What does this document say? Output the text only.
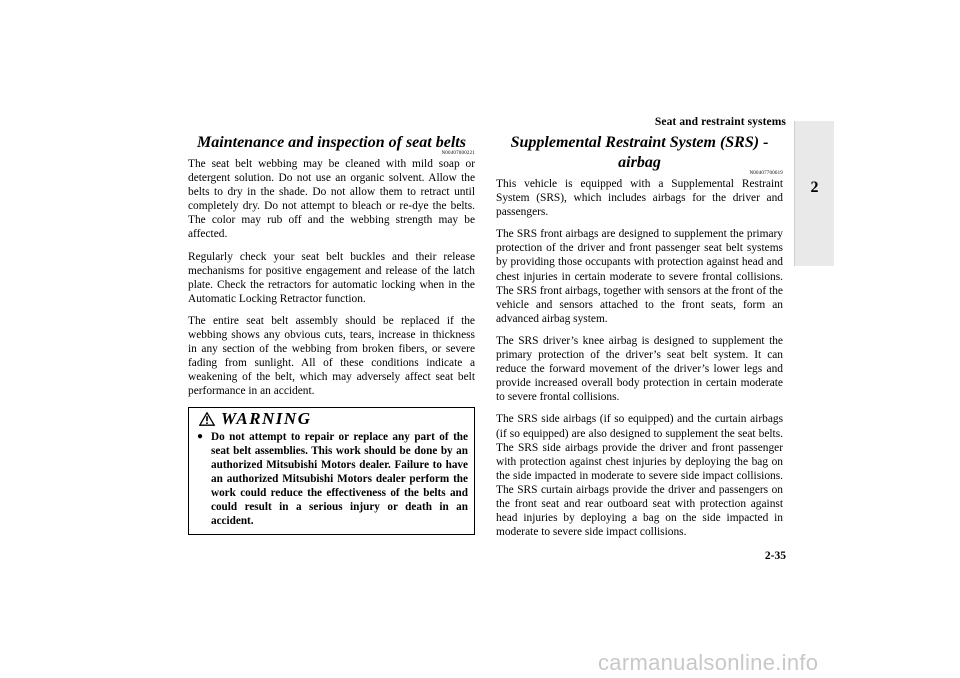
Seat and restraint systems
2
Maintenance and inspection of seat belts
N00407000221

The seat belt webbing may be cleaned with mild soap or detergent solution. Do not use an organic solvent. Allow the belts to dry in the shade. Do not allow them to retract until completely dry. Do not attempt to bleach or re-dye the belts. The color may rub off and the webbing strength may be affected.

Regularly check your seat belt buckles and their release mechanisms for positive engagement and release of the latch plate. Check the retractors for automatic locking when in the Automatic Locking Retractor function.

The entire seat belt assembly should be replaced if the webbing shows any obvious cuts, tears, increase in thickness in any section of the webbing from broken fibers, or severe fading from sunlight. All of these conditions indicate a weakening of the belt, which may adversely affect seat belt performance in an accident.

WARNING
● Do not attempt to repair or replace any part of the seat belt assemblies. This work should be done by an authorized Mitsubishi Motors dealer. Failure to have an authorized Mitsubishi Motors dealer perform the work could reduce the effectiveness of the belts and could result in a serious injury or death in an accident.
Supplemental Restraint System (SRS) - airbag
N00407700619

This vehicle is equipped with a Supplemental Restraint System (SRS), which includes airbags for the driver and passengers.

The SRS front airbags are designed to supplement the primary protection of the driver and front passenger seat belt systems by providing those occupants with protection against head and chest injuries in certain moderate to severe frontal collisions. The SRS front airbags, together with sensors at the front of the vehicle and sensors attached to the front seats, form an advanced airbag system.

The SRS driver’s knee airbag is designed to supplement the primary protection of the driver’s seat belt system. It can reduce the forward movement of the driver’s lower legs and provide increased overall body protection in certain moderate to severe frontal collisions.

The SRS side airbags (if so equipped) and the curtain airbags (if so equipped) are also designed to supplement the seat belts. The SRS side airbags provide the driver and front passenger with protection against chest injuries by deploying the bag on the side impacted in moderate to severe side impact collisions. The SRS curtain airbags provide the driver and passengers on the front seat and rear outboard seat with protection against head injuries by deploying a bag on the side impacted in moderate to severe side impact collisions.

2-35
carmanualsonline.info
